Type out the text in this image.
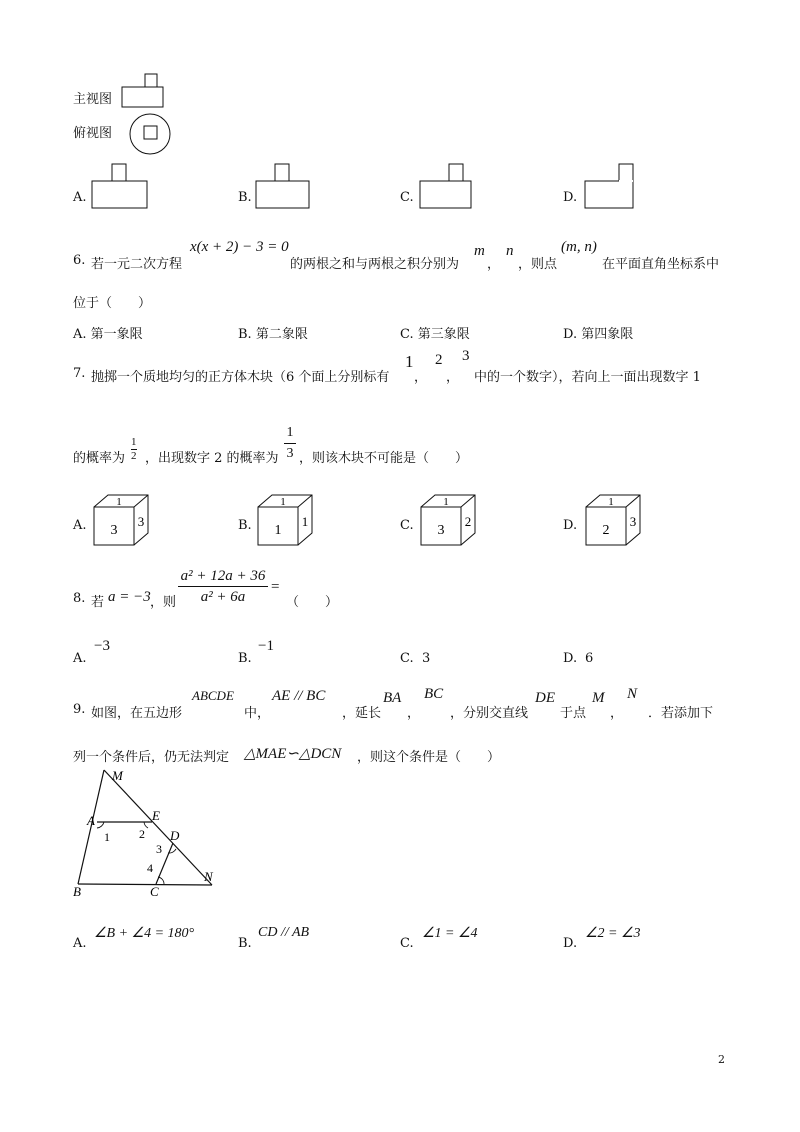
主视图
俯视图
A.	B.	C.	D.
6. 若一元二次方程
x(x + 2) − 3 = 0
的两根之和与两根之积分别为
m
，
n
，则点
(m, n)
在平面直角坐标系中
位于（　　）
A. 第一象限	B. 第二象限	C. 第三象限	D. 第四象限
7. 抛掷一个质地均匀的正方体木块（6 个面上分别标有
1
，
2
，
3
中的一个数字），若向上一面出现数字 1
的概率为
1
2 ，出现数字 2 的概率为
1
3 ，则该木块不可能是（　　）
A. 3
3
1
B. 1
1
1
C. 3
2
1
D. 2
3
1
8. 若 a = −3 ，则
a² + 12a + 36
a² + 6a
=
（　　）
A.
−3
B.
−1
C. 3	D. 6
9. 如图，在五边形
ABCDE
中，
AE // BC
，延长
BA
，
BC
，分别交直线
DE
于点
M
，
N
．若添加下
列一个条件后，仍无法判定 △MAE∽△DCN ，则这个条件是（　　）
M
A	E
D
B	C
N
1 2
3
4
A.
∠B + ∠4 = 180°
B.
CD // AB
C.
∠1 = ∠4
D.
∠2 = ∠3
2
